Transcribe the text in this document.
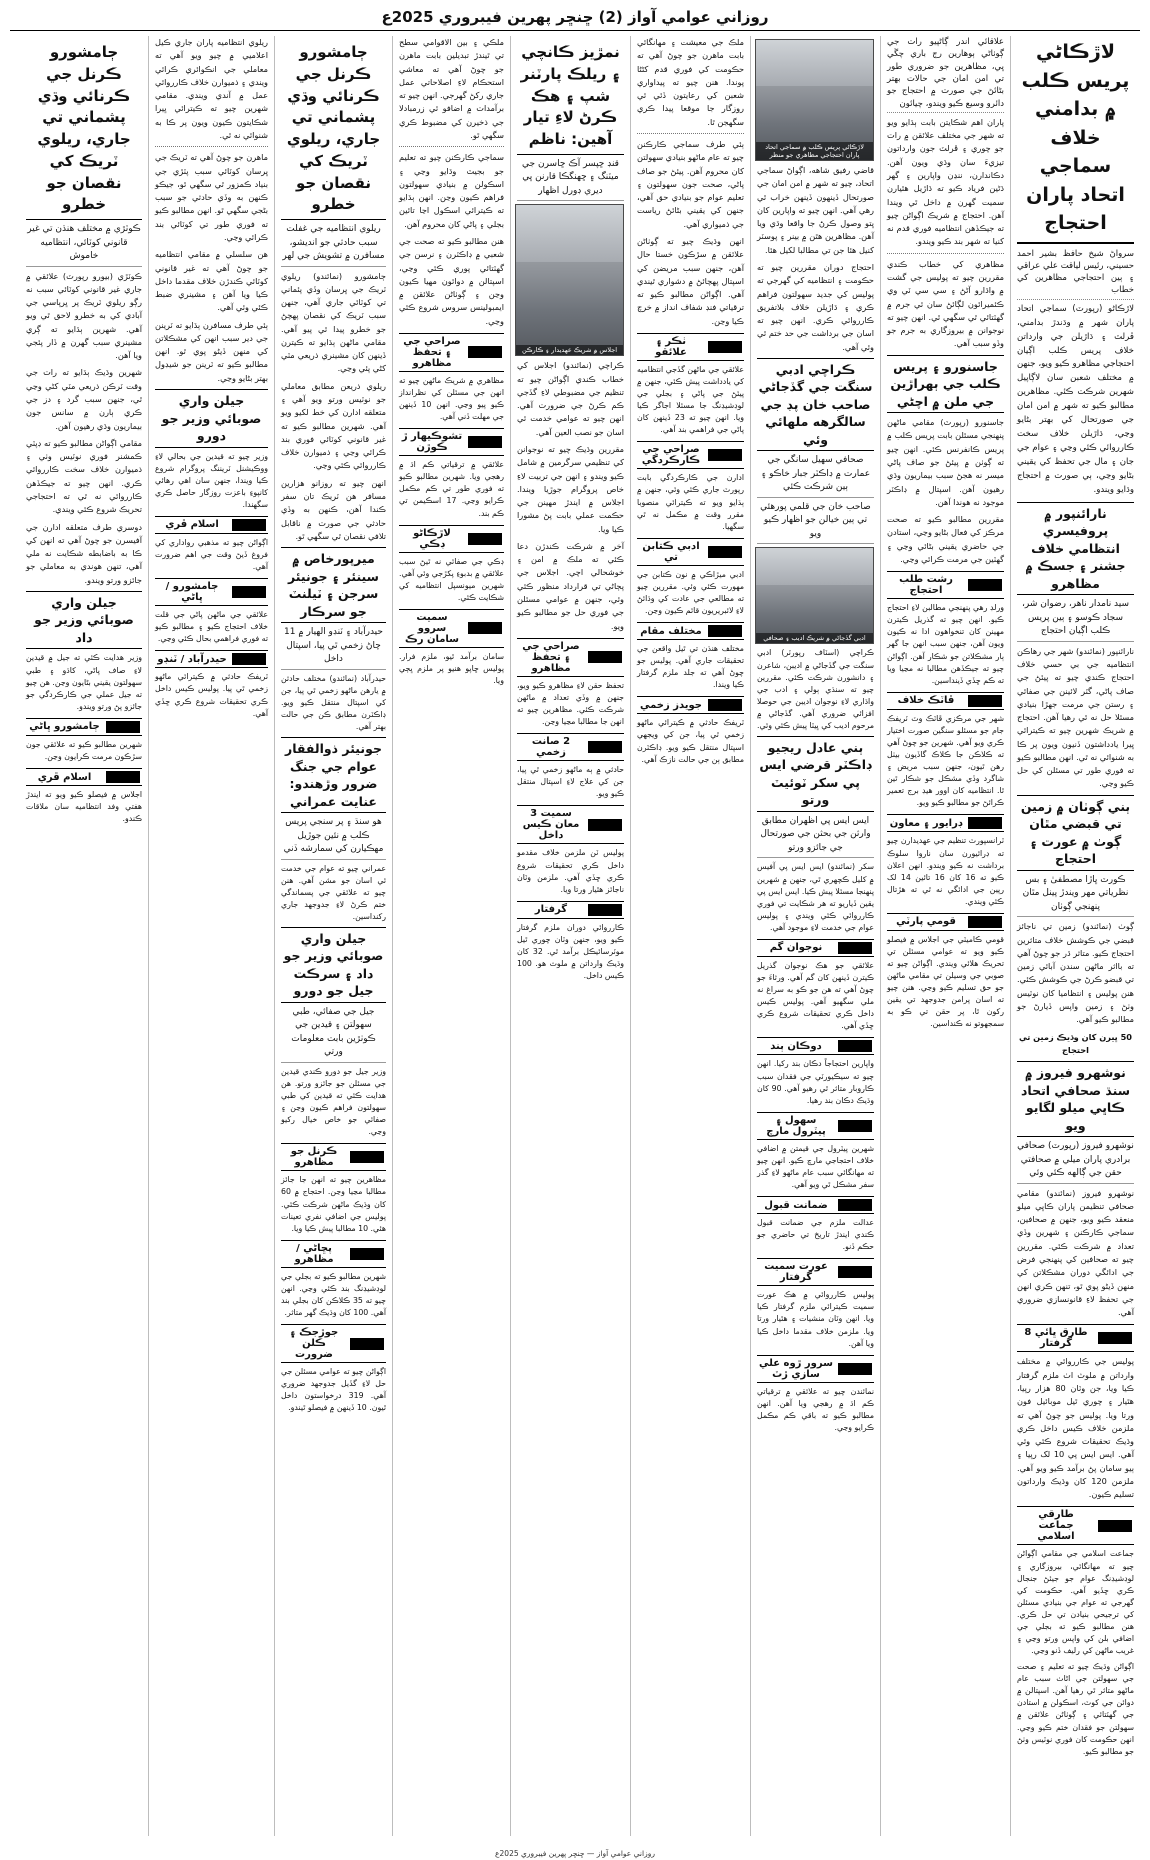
روزاني عوامي آواز (2) ڇنڇر پهرين فيبروري 2025ع
لاڙڪاڻي پريس ڪلب ۾ بدامني خلاف سماجي اتحاد پاران احتجاج
سرواڻ شيخ حافظ بشير احمد حسيني، رئيس لياقت علي عراقي ۽ ٻين احتجاجي مظاهرين کي خطاب
لاڙڪاڻو (رپورٽ) سماجي اتحاد پاران شهر ۾ وڌندڙ بدامني، ڦرلٽ ۽ ڌاڙيلن جي وارداتن خلاف پريس ڪلب اڳيان احتجاجي مظاهرو ڪيو ويو، جنهن ۾ مختلف شعبن سان لاڳاپيل شهرين شرڪت ڪئي. مظاهرين مطالبو ڪيو ته شهر ۾ امن امان جي صورتحال کي بهتر بڻايو وڃي، ڌاڙيلن خلاف سخت ڪارروائي ڪئي وڃي ۽ عوام جي جان ۽ مال جي تحفظ کي يقيني بڻايو وڃي، ٻي صورت ۾ احتجاج وڌايو ويندو.
نارائنپور ۾ پروفيسري انتظامي خلاف جشنر ۽ جسڪ ۾ مظاهرو
سيد نامدار ناهر، رضوان شر، سجاد ڪوسو ۽ ٻين پريس ڪلب اڳيان احتجاج
نارائنپور (نمائندو) شهر جي رهاڪن انتظاميه جي بي حسي خلاف احتجاج ڪندي چيو ته پيئڻ جي صاف پاڻي، گٽر لائينن جي صفائي ۽ رستن جي مرمت جهڙا بنيادي مسئلا حل نه ٿي رهيا آهن. احتجاج ۾ شريڪ شهرين چيو ته ڪيترائي ڀيرا يادداشتون ڏنيون ويون پر ڪا به شنوائي نه ٿي. انهن مطالبو ڪيو ته فوري طور تي مسئلن کي حل ڪيو وڃي.
ٻني ڳوٺان ۾ زمين تي قبضي مٿان ڳوٺ ۾ عورت ۽ احتجاج
ڪورٽ ڀاڙا مصطفیٰ ۽ بس نظرياتي مهر ويندڙ پينل مٿان پنهنجي ڳوٺان
ڳوٺ (نمائندو) زمين تي ناجائز قبضي جي ڪوشش خلاف متاثرين احتجاج ڪيو. متاثر ڌر جو چوڻ آهي ته بااثر ماڻهن سندن آبائي زمين تي قبضو ڪرڻ جي ڪوشش ڪئي. هنن پوليس ۽ انتظاميا کان نوٽيس وٺڻ ۽ زمين واپس ڏيارڻ جو مطالبو ڪيو آهي.
50 ڀيرن کان وڌيڪ زمين تي احتجاج
نوشهرو فيروز ۾ سنڌ صحافي اتحاد ڪاڀي ميلو لگايو ويو
نوشهرو فيروز (رپورٽ) صحافي برادري پاران ميلي ۾ صحافتي حقن جي ڳالهه ڪئي وئي
نوشهرو فيروز (نمائندو) مقامي صحافي تنظيمن پاران ڪاڀي ميلو منعقد ڪيو ويو، جنهن ۾ صحافين، سماجي ڪارڪنن ۽ شهرين وڏي تعداد ۾ شرڪت ڪئي. مقررين چيو ته صحافين کي پنهنجي فرض جي ادائگي دوران مشڪلاتن کي منهن ڏيڻو پوي ٿو، تنهن ڪري انهن جي تحفظ لاءِ قانونسازي ضروري آهي.
طارق ڀائي 8 گرفتار
پوليس جي ڪارروائي ۾ مختلف وارداتن ۾ ملوث اٺ ملزم گرفتار ڪيا ويا، جن وٽان 80 هزار رپيا، هٿيار ۽ چوري ٿيل موبائيل فون ورتا ويا. پوليس جو چوڻ آهي ته ملزمن خلاف ڪيس داخل ڪري وڌيڪ تحقيقات شروع ڪئي وئي آهي. ايس ايس پي 10 لک رپيا ۽ ٻيو سامان پڻ برآمد ڪيو ويو آهي. ملزمن 120 کان وڌيڪ وارداتون تسليم ڪيون.
طارقي جماعت اسلامي
جماعت اسلامي جي مقامي اڳواڻن چيو ته مهانگائي، بيروزگاري ۽ لوڊشيڊنگ عوام جو جيئڻ جنجال ڪري ڇڏيو آهي. حڪومت کي گهرجي ته عوام جي بنيادي مسئلن کي ترجيحي بنيادن تي حل ڪري. هنن مطالبو ڪيو ته بجلي جي اضافي بلن کي واپس ورتو وڃي ۽ غريب ماڻهن کي رليف ڏنو وڃي.
اڳواڻن وڌيڪ چيو ته تعليم ۽ صحت جي سهولتن جي اڻاٺ سبب عام ماڻهو متاثر ٿي رهيا آهن. اسپتالن ۾ دوائن جي کوٽ، اسڪولن ۾ استادن جي گهٽتائي ۽ ڳوٺاڻن علائقن ۾ سهولتن جو فقدان ختم ڪيو وڃي. انهن حڪومت کان فوري نوٽيس وٺڻ جو مطالبو ڪيو.
علاقائي اندر ڳاڻپيو رات جي ڳوٺاڻي ٻوهارين رڄ باري چڱي ڀي، مظاهرين جو ضروري طور تي امن امان جي حالات بهتر بڻائڻ جي صورت ۾ احتجاج جو دائرو وسيع ڪيو ويندو، چيائون
پاران اهم شڪايتن بابت ٻڌايو ويو ته شهر جي مختلف علائقن ۾ رات جو چوري ۽ ڦرلٽ جون وارداتون تيزيءَ سان وڌي ويون آهن. دڪاندارن، ننڍن واپارين ۽ گهر ڌڻين فرياد ڪيو ته ڌاڙيل هٿيارن سميت گهرن ۾ داخل ٿي ويندا آهن. احتجاج ۾ شريڪ اڳواڻن چيو ته جيڪڏهن انتظاميه فوري قدم نه کنيا ته شهر بند ڪيو ويندو.
مظاهري کي خطاب ڪندي مقررين چيو ته پوليس جي گشت ۾ واڌارو آڻڻ ۽ سي سي ٽي وي ڪئميرائون لڳائڻ سان ئي جرم ۾ گهٽتائي ٿي سگهي ٿي. انهن چيو ته نوجوانن ۾ بيروزگاري به جرم جو وڏو سبب آهي.
جاسنورو ۽ پريس ڪلب جي ٻهراڙين جي ملن ۾ اچڻي
جاسنورو (رپورٽ) مقامي ماڻهن پنهنجي مسئلن بابت پريس ڪلب ۾ پريس ڪانفرنس ڪئي. انهن چيو ته ڳوٺن ۾ پيئڻ جو صاف پاڻي ميسر نه هجڻ سبب بيماريون وڌي رهيون آهن. اسپتال ۾ ڊاڪٽر موجود نه هوندا آهن.
مقررين مطالبو ڪيو ته صحت مرڪز کي فعال بڻايو وڃي، استادن جي حاضري يقيني بڻائي وڃي ۽ گهٽين جي مرمت ڪرائي وڃي.
رشت طلب احتجاج
ورلڊ رهي پنهنجي مطالبن لاءِ احتجاج ڪيو. انهن چيو ته گذريل ڪيترن مهينن کان تنخواهون ادا نه ڪيون ويون آهن، جنهن سبب انهن جا گهر ٻار مشڪلاتن جو شڪار آهن. اڳواڻن چيو ته جيڪڏهن مطالبا نه مڃيا ويا ته ڪم ڇڏي ڏينداسين.
ڦاٽڪ خلاف
شهر جي مرڪزي ڦاٽڪ وٽ ٽريفڪ جام جو مسئلو سنگين صورت اختيار ڪري ويو آهي. شهرين جو چوڻ آهي ته ڪلاڪن جا ڪلاڪ گاڏيون بيٺل رهن ٿيون، جنهن سبب مريض ۽ شاگرد وڏي مشڪل جو شڪار ٿين ٿا. انتظاميه کان اوور هيڊ برج تعمير ڪرائڻ جو مطالبو ڪيو ويو.
ڊرايور ۽ معاون
ٽرانسپورٽ تنظيم جي عهديدارن چيو ته ڊرائيورن سان ناروا سلوڪ برداشت نه ڪيو ويندو. انهن اعلان ڪيو ته 16 کان 16 تائين 14 لک رپين جي ادائگي نه ٿي ته هڙتال ڪئي ويندي.
قومي پارٽي
قومي ڪاميٽي جي اجلاس ۾ فيصلو ڪيو ويو ته عوامي مسئلن تي تحريڪ هلائي ويندي. اڳواڻن چيو ته صوبي جي وسيلن تي مقامي ماڻهن جو حق تسليم ڪيو وڃي. هنن چيو ته اسان پرامن جدوجهد تي يقين رکون ٿا، پر حقن تي ڪو به سمجهوتو نه ڪنداسين.
لاڙڪاڻي پريس ڪلب ۾ سماجي اتحاد پاران احتجاجي مظاهري جو منظر
قاضي رفيق شاهه، اڳواڻ سماجي اتحاد، چيو ته شهر ۾ امن امان جي صورتحال ڏينهون ڏينهن خراب ٿي رهي آهي. انهن چيو ته واپارين کان ڀتو وصول ڪرڻ جا واقعا وڌي ويا آهن. مظاهرين هٿن ۾ بينر ۽ پوسٽر کنيل هئا جن تي مطالبا لکيل هئا.
احتجاج دوران مقررين چيو ته حڪومت ۽ انتظاميه کي گهرجي ته پوليس کي جديد سهولتون فراهم ڪري ۽ ڌاڙيلن خلاف بلاتفريق ڪارروائي ڪري. انهن چيو ته اسان جي برداشت جي حد ختم ٿي وئي آهي.
ڪراچي ادبي سنگت جي گڏجاڻي صاحب خان پڊ جي سالگرهه ملهائي وئي
صحافي سهيل سانگي جي عمارت ۾ ڊاڪٽر جبار خاڪو ۽ ٻين شرڪت ڪئي
صاحب خان جي قلمي پورهئي تي ٻين خيالن جو اظهار ڪيو ويو
ادبي گڏجاڻي ۾ شريڪ اديب ۽ صحافي
ڪراچي (اسٽاف رپورٽر) ادبي سنگت جي گڏجاڻي ۾ اديبن، شاعرن ۽ دانشورن شرڪت ڪئي. مقررين چيو ته سنڌي ٻولي ۽ ادب جي واڌاري لاءِ نوجوان اديبن جي حوصلا افزائي ضروري آهي. گڏجاڻي ۾ مرحوم اديب کي ڀيٽا پيش ڪئي وئي.
ٻني عادل ريجيو ڊاڪٽر قرضي ايس پي سکر ٽوئيٽ ورتو
ايس ايس پي اظهران مطابق وارثن جي بحثن جي صورتحال جي جائزو ورتو
سکر (نمائندو) ايس ايس پي آفيس ۾ کليل ڪچهري ٿي، جنهن ۾ شهرين پنهنجا مسئلا پيش ڪيا. ايس ايس پي يقين ڏياريو ته هر شڪايت تي فوري ڪارروائي ڪئي ويندي ۽ پوليس عوام جي خدمت لاءِ موجود آهي.
نوجوان گم
علائقي جو هڪ نوجوان گذريل ڪيترن ڏينهن کان گم آهي. ورثاءَ جو چوڻ آهي ته هن جو ڪو به سراغ نه ملي سگهيو آهي. پوليس ڪيس داخل ڪري تحقيقات شروع ڪري ڇڏي آهي.
دوڪان ٻند
واپارين احتجاجاً دڪان بند رکيا. انهن چيو ته سيڪيورٽي جي فقدان سبب ڪاروبار متاثر ٿي رهيو آهي. 90 کان وڌيڪ دڪان بند رهيا.
سهول ۽ پيٽرول مارچ
شهرين پيٽرول جي قيمتن ۾ اضافي خلاف احتجاجي مارچ ڪيو. انهن چيو ته مهانگائي سبب عام ماڻهو لاءِ گذر سفر مشڪل ٿي ويو آهي.
ضمانت قبول
عدالت ملزم جي ضمانت قبول ڪندي ايندڙ تاريخ تي حاضري جو حڪم ڏنو.
عورت سميت گرفتار
پوليس ڪارروائي ۾ هڪ عورت سميت ڪيترائي ملزم گرفتار ڪيا ويا. انهن وٽان منشيات ۽ هٿيار ورتا ويا. ملزمن خلاف مقدما داخل ڪيا ويا آهن.
سرور ڙوه علي سازي ڙٽ
نمائندن چيو ته علائقي ۾ ترقياتي ڪم اڌ ۾ رهجي ويا آهن. انهن مطالبو ڪيو ته باقي ڪم مڪمل ڪرايو وڃي.
ملڪ جي معيشت ۽ مهانگائي بابت ماهرن جو چوڻ آهي ته حڪومت کي فوري قدم کڻڻا پوندا. هنن چيو ته پيداواري شعبن کي رعايتون ڏئي ئي روزگار جا موقعا پيدا ڪري سگهجن ٿا.
ٻئي طرف سماجي ڪارڪنن چيو ته عام ماڻهو بنيادي سهولتن کان محروم آهن. پيئڻ جو صاف پاڻي، صحت جون سهولتون ۽ تعليم عوام جو بنيادي حق آهي، جنهن کي يقيني بڻائڻ رياست جي ذميواري آهي.
انهن وڌيڪ چيو ته ڳوٺاڻن علائقن ۾ سڙڪون خستا حال آهن، جنهن سبب مريضن کي اسپتال پهچائڻ ۾ دشواري ٿيندي آهي. اڳواڻن مطالبو ڪيو ته ترقياتي فنڊ شفاف انداز ۾ خرچ ڪيا وڃن.
ٺڪر ۽ علائقو
علائقي جي ماڻهن گڏجي انتظاميه کي يادداشت پيش ڪئي، جنهن ۾ پيئڻ جي پاڻي ۽ بجلي جي لوڊشيڊنگ جا مسئلا اجاگر ڪيا ويا. انهن چيو ته 23 ڏينهن کان پاڻي جي فراهمي بند آهي.
صراحي جي ڪارڪردگي
ادارن جي ڪارڪردگي بابت رپورٽ جاري ڪئي وئي، جنهن ۾ ٻڌايو ويو ته ڪيترائي منصوبا مقرر وقت ۾ مڪمل نه ٿي سگهيا.
ادبي ڪتابن تي
ادبي ميڙاڪي ۾ نون ڪتابن جي مهورت ڪئي وئي. مقررين چيو ته مطالعي جي عادت کي وڌائڻ لاءِ لائبريريون قائم ڪيون وڃن.
مختلف مقام
مختلف هنڌن تي ٿيل واقعن جي تحقيقات جاري آهي. پوليس جو چوڻ آهي ته جلد ملزم گرفتار ڪيا ويندا.
جويدز زخمي
ٽريفڪ حادثي ۾ ڪيترائي ماڻهو زخمي ٿي پيا، جن کي ويجهي اسپتال منتقل ڪيو ويو. ڊاڪٽرن مطابق ٻن جي حالت نازڪ آهي.
نمڙيز ڪانچي ۽ ريلڪ پارٽنر شپ ۽ هڪ ڪرڻ لاءِ تيار آهين: ناظم
قنڊ ڇپسر آڪ ڇاسرن جي ميٽنگ ۽ ڇهنگڪا قارنن ڀي ديري ڊورل اظهار
اجلاس ۾ شريڪ عهديدار ۽ ڪارڪن
ڪراچي (نمائندو) اجلاس کي خطاب ڪندي اڳواڻن چيو ته تنظيم جي مضبوطي لاءِ گڏجي ڪم ڪرڻ جي ضرورت آهي. انهن چيو ته عوامي خدمت ئي اسان جو نصب العين آهي.
مقررين وڌيڪ چيو ته نوجوانن کي تنظيمي سرگرمين ۾ شامل ڪيو ويندو ۽ انهن جي تربيت لاءِ خاص پروگرام جوڙيا ويندا. اجلاس ۾ ايندڙ مهينن جي حڪمت عملي بابت پڻ مشورا ڪيا ويا.
آخر ۾ شرڪت ڪندڙن دعا ڪئي ته ملڪ ۾ امن ۽ خوشحالي اچي. اجلاس جي پڄاڻي تي قرارداد منظور ڪئي وئي، جنهن ۾ عوامي مسئلن جي فوري حل جو مطالبو ڪيو ويو.
صراحي جي ۽ تحفظ مظاهرو
تحفظ حقن لاءِ مظاهرو ڪيو ويو، جنهن ۾ وڏي تعداد ۾ ماڻهن شرڪت ڪئي. مظاهرين چيو ته انهن جا مطالبا مڃيا وڃن.
2 صانت زخمي
حادثي ۾ ٻه ماڻهو زخمي ٿي پيا، جن کي علاج لاءِ اسپتال منتقل ڪيو ويو.
سميت 3 معان ڪيس داخل
پوليس ٽن ملزمن خلاف مقدمو داخل ڪري تحقيقات شروع ڪري ڇڏي آهي. ملزمن وٽان ناجائز هٿيار ورتا ويا.
گرفتار
ڪارروائي دوران ملزم گرفتار ڪيو ويو، جنهن وٽان چوري ٿيل موٽرسائيڪل برآمد ٿي. 32 کان وڌيڪ وارداتن ۾ ملوث هو. 100 ڪيس داخل.
ملڪي ۽ بين الاقوامي سطح تي ٿيندڙ تبديلين بابت ماهرن جو چوڻ آهي ته معاشي استحڪام لاءِ اصلاحاتي عمل جاري رکڻ گهرجي. انهن چيو ته برآمدات ۾ اضافو ئي زرمبادلا جي ذخيرن کي مضبوط ڪري سگهي ٿو.
سماجي ڪارڪنن چيو ته تعليم جو بجيٽ وڌايو وڃي ۽ اسڪولن ۾ بنيادي سهولتون فراهم ڪيون وڃن. انهن ٻڌايو ته ڪيترائي اسڪول اڃا تائين بجلي ۽ پاڻي کان محروم آهن.
هنن مطالبو ڪيو ته صحت جي شعبي ۾ ڊاڪٽرن ۽ نرسن جي گهٽتائي پوري ڪئي وڃي، اسپتالن ۾ دوائون مهيا ڪيون وڃن ۽ ڳوٺاڻن علائقن ۾ ايمبولينس سروس شروع ڪئي وڃي.
صراحي جي ۽ تحفظ مظاهرو
مظاهري ۾ شريڪ ماڻهن چيو ته انهن جي مسئلن کي نظرانداز ڪيو پيو وڃي. انهن 10 ڏينهن جي مهلت ڏني آهي.
تشوڪيهار ڙ ڪوڙن
علائقي ۾ ترقياتي ڪم اڌ ۾ رهجي ويا. شهرين مطالبو ڪيو ته فوري طور تي ڪم مڪمل ڪرايو وڃي. 17 اسڪيمن تي ڪم بند.
لاڙڪاڻو ڊڪي
ڊڪي جي صفائي نه ٿيڻ سبب علائقي ۾ بدبوءِ پکڙجي وئي آهي. شهرين ميونسپل انتظاميه کي شڪايت ڪئي.
سميت سروو سامان رڪ
سامان برآمد ٿيو، ملزم فرار. پوليس ڇاپو هنيو پر ملزم ڀڄي ويا.
ڄامشورو ڪرنل جي ڪرنائي وڌي پشماني تي جاري، ريلوي ٽريڪ کي نقصان جو خطرو
ريلوي انتظاميه جي غفلت سبب حادثي جو انديشو، مسافرن ۾ تشويش جي لهر
ڄامشورو (نمائندو) ريلوي ٽريڪ جي ڀرسان وڏي پئماني تي کوٽائي جاري آهي، جنهن سبب ٽريڪ کي نقصان پهچڻ جو خطرو پيدا ٿي پيو آهي. مقامي ماڻهن ٻڌايو ته ڪيترن ڏينهن کان مشينري ذريعي مٽي کڻي پئي وڃي.
ريلوي ذريعن مطابق معاملي جو نوٽيس ورتو ويو آهي ۽ متعلقه ادارن کي خط لکيو ويو آهي. شهرين مطالبو ڪيو ته غير قانوني کوٽائي فوري بند ڪرائي وڃي ۽ ذميوارن خلاف ڪارروائي ڪئي وڃي.
انهن چيو ته روزانو هزارين مسافر هن ٽريڪ تان سفر ڪندا آهن، ڪنهن به وڏي حادثي جي صورت ۾ ناقابل تلافي نقصان ٿي سگهي ٿو.
ميرپورخاص ۾ سينئر ۽ جونيئر سرجن ۽ ٽيلنٽ جو سرڪار
حيدرآباد ۽ ٽنڊو الهيار ۾ 11 چاڻ زخمي ٿي پيا، اسپتال داخل
حيدرآباد (نمائندو) مختلف حادثن ۾ يارهن ماڻهو زخمي ٿي پيا، جن کي اسپتال منتقل ڪيو ويو. ڊاڪٽرن مطابق ڪن جي حالت بهتر آهي.
جونيئر ذوالفقار عوام جي جنگ ضرور وڙهندو: عنايت عمراني
هو سنڌ ۽ پر سنجي پريس ڪلب ۾ نئين جوڙيل مهڪيارن کي سمارشه ڏني
عمراني چيو ته عوام جي خدمت ئي اسان جو مشن آهي. هنن چيو ته علائقي جي پسماندگي ختم ڪرڻ لاءِ جدوجهد جاري رکنداسين.
جيلن واري صوبائي وزير جو داد ۽ سرڪت جيل جو دورو
جيل جي صفائي، طبي سهولتن ۽ قيدين جي ڪوٺڙين بابت معلومات ورتي
وزير جيل جو دورو ڪندي قيدين جي مسئلن جو جائزو ورتو. هن هدايت ڪئي ته قيدين کي طبي سهولتون فراهم ڪيون وڃن ۽ صفائي جو خاص خيال رکيو وڃي.
ڪرنل جو مظاهرو
مظاهرين چيو ته انهن جا جائز مطالبا مڃيا وڃن. احتجاج ۾ 60 کان وڌيڪ ماڻهن شرڪت ڪئي. پوليس جي اضافي نفري تعینات هئي. 10 مطالبا پيش ڪيا ويا.
پڇاڻي / مظاهرو
شهرين مطالبو ڪيو ته بجلي جي لوڊشيڊنگ بند ڪئي وڃي. انهن چيو ته 35 ڪلاڪن کان بجلي بند آهي. 100 کان وڌيڪ گهر متاثر.
جوڙجڪ ۽ ڪلن ضرورت
اڳواڻن چيو ته عوامي مسئلن جي حل لاءِ گڏيل جدوجهد ضروري آهي. 319 درخواستون داخل ٿيون. 10 ڏينهن ۾ فيصلو ٿيندو.
ريلوي انتظاميه پاران جاري ڪيل اعلاميي ۾ چيو ويو آهي ته معاملي جي انڪوائري ڪرائي ويندي ۽ ذميوارن خلاف ڪارروائي عمل ۾ آندي ويندي. مقامي شهرين چيو ته ڪيترائي ڀيرا شڪايتون ڪيون ويون پر ڪا به شنوائي نه ٿي.
ماهرن جو چوڻ آهي ته ٽريڪ جي ڀرسان کوٽائي سبب پٽڙي جي بنياد ڪمزور ٿي سگهي ٿو، جيڪو ڪنهن به وڏي حادثي جو سبب بڻجي سگهي ٿو. انهن مطالبو ڪيو ته فوري طور تي کوٽائي بند ڪرائي وڃي.
هن سلسلي ۾ مقامي انتظاميه جو چوڻ آهي ته غير قانوني کوٽائي ڪندڙن خلاف مقدما داخل ڪيا ويا آهن ۽ مشينري ضبط ڪئي وئي آهي.
ٻئي طرف مسافرن ٻڌايو ته ٽرينن جي دير سبب انهن کي مشڪلاتن کي منهن ڏيڻو پوي ٿو. انهن مطالبو ڪيو ته ٽرينن جو شيڊول بهتر بڻايو وڃي.
جيلن واري صوبائي وزير جو دورو
وزير چيو ته قيدين جي بحالي لاءِ ووڪيشنل ٽريننگ پروگرام شروع ڪيا ويندا، جنهن سان اهي رهائي کانپوءِ باعزت روزگار حاصل ڪري سگهندا.
اسلام ڦري
اڳواڻن چيو ته مذهبي رواداري کي فروغ ڏيڻ وقت جي اهم ضرورت آهي.
ڄامشورو / ڀاڻي
علائقي جي ماڻهن پاڻي جي قلت خلاف احتجاج ڪيو ۽ مطالبو ڪيو ته فوري فراهمي بحال ڪئي وڃي.
حيدرآباد / ٽنڊو
ٽريفڪ حادثي ۾ ڪيترائي ماڻهو زخمي ٿي پيا. پوليس ڪيس داخل ڪري تحقيقات شروع ڪري ڇڏي آهي.
ڄامشورو ڪرنل جي ڪرنائي وڌي پشماني تي جاري، ريلوي ٽريڪ کي نقصان جو خطرو
ڪوٽڙي ۾ مختلف هنڌن تي غير قانوني کوٽائي، انتظاميه خاموش
ڪوٽڙي (بيورو رپورٽ) علائقي ۾ جاري غير قانوني کوٽائي سبب نه رڳو ريلوي ٽريڪ پر ڀرپاسي جي آبادي کي به خطرو لاحق ٿي ويو آهي. شهرين ٻڌايو ته ڳري مشينري سبب گهرن ۾ ڏار پئجي ويا آهن.
شهرين وڌيڪ ٻڌايو ته رات جي وقت ٽرڪن ذريعي مٽي کڻي وڃي ٿي، جنهن سبب گرد ۽ دز جي ڪري ٻارن ۾ سانس جون بيماريون وڌي رهيون آهن.
مقامي اڳواڻن مطالبو ڪيو ته ڊپٽي ڪمشنر فوري نوٽيس وٺي ۽ ذميوارن خلاف سخت ڪارروائي ڪري. انهن چيو ته جيڪڏهن ڪارروائي نه ٿي ته احتجاجي تحريڪ شروع ڪئي ويندي.
دوسري طرف متعلقه ادارن جي آفيسرن جو چوڻ آهي ته انهن کي ڪا به باضابطه شڪايت نه ملي آهي، تنهن هوندي به معاملي جو جائزو ورتو ويندو.
جيلن واري صوبائي وزير جو داد
وزير هدايت ڪئي ته جيل ۾ قيدين لاءِ صاف پاڻي، کاڌو ۽ طبي سهولتون يقيني بڻايون وڃن. هن چيو ته جيل عملي جي ڪارڪردگي جو جائزو پڻ ورتو ويندو.
ڄامشورو ڀاڻي
شهرين مطالبو ڪيو ته علائقي جون سڙڪون مرمت ڪرايون وڃن.
اسلام ڦري
اجلاس ۾ فيصلو ڪيو ويو ته ايندڙ هفتي وفد انتظاميه سان ملاقات ڪندو.
روزاني عوامي آواز — ڇنڇر پهرين فيبروري 2025ع
